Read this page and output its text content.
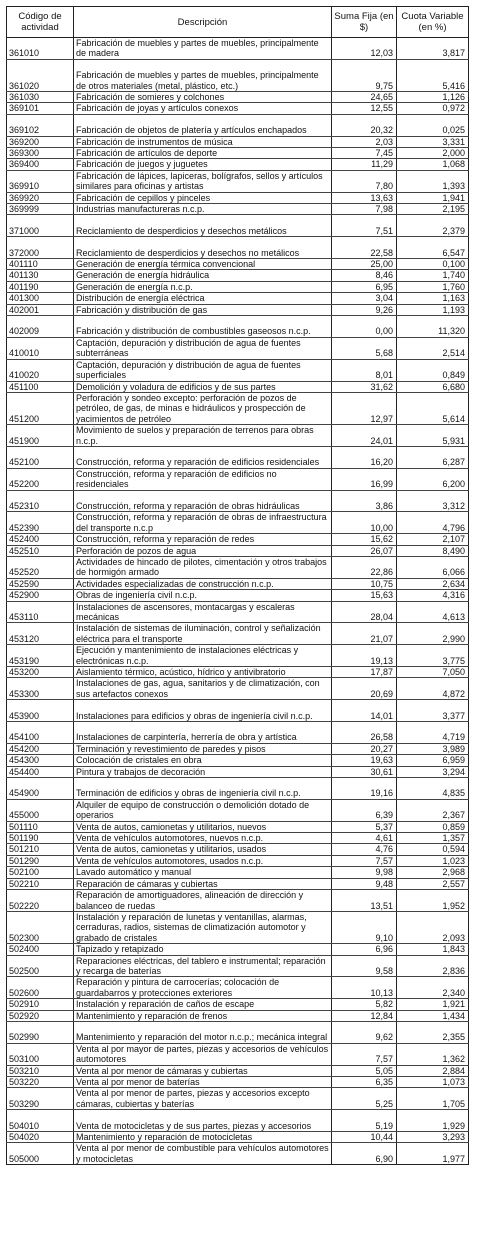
Código de actividad	Descripción	Suma Fija (en $)	Cuota Variable (en %)
361010	Fabricación de muebles y partes de muebles, principalmente de madera	12,03	3,817
361020	Fabricación de muebles y partes de muebles, principalmente de otros materiales (metal, plástico, etc.)	9,75	5,416
361030	Fabricación de somieres y colchones	24,65	1,126
369101	Fabricación de joyas y artículos conexos	12,55	0,972
369102	Fabricación de objetos de platería y artículos enchapados	20,32	0,025
369200	Fabricación de instrumentos de música	2,03	3,331
369300	Fabricación de artículos de deporte	7,45	2,000
369400	Fabricación de juegos y juguetes	11,29	1,068
369910	Fabricación de lápices, lapiceras, bolígrafos, sellos y artículos similares para oficinas y artistas	7,80	1,393
369920	Fabricación de cepillos y pinceles	13,63	1,941
369999	Industrias manufactureras n.c.p.	7,98	2,195
371000	Reciclamiento de desperdicios y desechos metálicos	7,51	2,379
372000	Reciclamiento de desperdicios y desechos no metálicos	22,58	6,547
401110	Generación de energía térmica convencional	25,00	0,100
401130	Generación de energía hidráulica	8,46	1,740
401190	Generación de energía n.c.p.	6,95	1,760
401300	Distribución de energía eléctrica	3,04	1,163
402001	Fabricación y distribución de gas	9,26	1,193
402009	Fabricación y distribución de combustibles gaseosos n.c.p.	0,00	11,320
410010	Captación, depuración y distribución de agua de fuentes subterráneas	5,68	2,514
410020	Captación, depuración y distribución de agua de fuentes superficiales	8,01	0,849
451100	Demolición y voladura de edificios y de sus partes	31,62	6,680
451200	Perforación y sondeo excepto: perforación de pozos de petróleo, de gas, de minas e hidráulicos y prospección de yacimientos de petróleo	12,97	5,614
451900	Movimiento de suelos y preparación de terrenos para obras n.c.p.	24,01	5,931
452100	Construcción, reforma y reparación de edificios residenciales	16,20	6,287
452200	Construcción, reforma y reparación de edificios no residenciales	16,99	6,200
452310	Construcción, reforma y reparación de obras hidráulicas	3,86	3,312
452390	Construcción, reforma y reparación de obras de infraestructura del transporte n.c.p	10,00	4,796
452400	Construcción, reforma y reparación de redes	15,62	2,107
452510	Perforación de pozos de agua	26,07	8,490
452520	Actividades de hincado de pilotes, cimentación y otros trabajos de hormigón armado	22,86	6,066
452590	Actividades especializadas de construcción n.c.p.	10,75	2,634
452900	Obras de ingeniería civil n.c.p.	15,63	4,316
453110	Instalaciones de ascensores, montacargas y escaleras mecánicas	28,04	4,613
453120	Instalación de sistemas de iluminación, control y señalización eléctrica para el transporte	21,07	2,990
453190	Ejecución y mantenimiento de instalaciones eléctricas y electrónicas n.c.p.	19,13	3,775
453200	Aislamiento térmico, acústico, hídrico y antivibratorio	17,87	7,050
453300	Instalaciones de gas, agua, sanitarios y de climatización, con sus artefactos conexos	20,69	4,872
453900	Instalaciones para edificios y obras de ingeniería civil n.c.p.	14,01	3,377
454100	Instalaciones de carpintería, herrería de obra y artística	26,58	4,719
454200	Terminación y revestimiento de paredes y pisos	20,27	3,989
454300	Colocación de cristales en obra	19,63	6,959
454400	Pintura y trabajos de decoración	30,61	3,294
454900	Terminación de edificios y obras de ingeniería civil n.c.p.	19,16	4,835
455000	Alquiler de equipo de construcción o demolición dotado de operarios	6,39	2,367
501110	Venta de autos, camionetas y utilitarios, nuevos	5,37	0,859
501190	Venta de vehículos automotores, nuevos n.c.p.	4,61	1,357
501210	Venta de autos, camionetas y utilitarios, usados	4,76	0,594
501290	Venta de vehículos automotores, usados n.c.p.	7,57	1,023
502100	Lavado automático y manual	9,98	2,968
502210	Reparación de cámaras y cubiertas	9,48	2,557
502220	Reparación de amortiguadores, alineación de dirección y balanceo de ruedas	13,51	1,952
502300	Instalación y reparación de lunetas y ventanillas, alarmas, cerraduras, radios, sistemas de climatización automotor y grabado de cristales	9,10	2,093
502400	Tapizado y retapizado	6,96	1,843
502500	Reparaciones eléctricas, del tablero e instrumental; reparación y recarga de baterías	9,58	2,836
502600	Reparación y pintura de carrocerías; colocación de guardabarros y protecciones exteriores	10,13	2,340
502910	Instalación y reparación de caños de escape	5,82	1,921
502920	Mantenimiento y reparación de frenos	12,84	1,434
502990	Mantenimiento y reparación del motor n.c.p.; mecánica integral	9,62	2,355
503100	Venta al por mayor de partes, piezas y accesorios de vehículos automotores	7,57	1,362
503210	Venta al por menor de cámaras y cubiertas	5,05	2,884
503220	Venta al por menor de baterías	6,35	1,073
503290	Venta al por menor de partes, piezas y accesorios excepto cámaras, cubiertas y baterías	5,25	1,705
504010	Venta de motocicletas y de sus partes, piezas y accesorios	5,19	1,929
504020	Mantenimiento y reparación de motocicletas	10,44	3,293
505000	Venta al por menor de combustible para vehículos automotores y motocicletas	6,90	1,977
